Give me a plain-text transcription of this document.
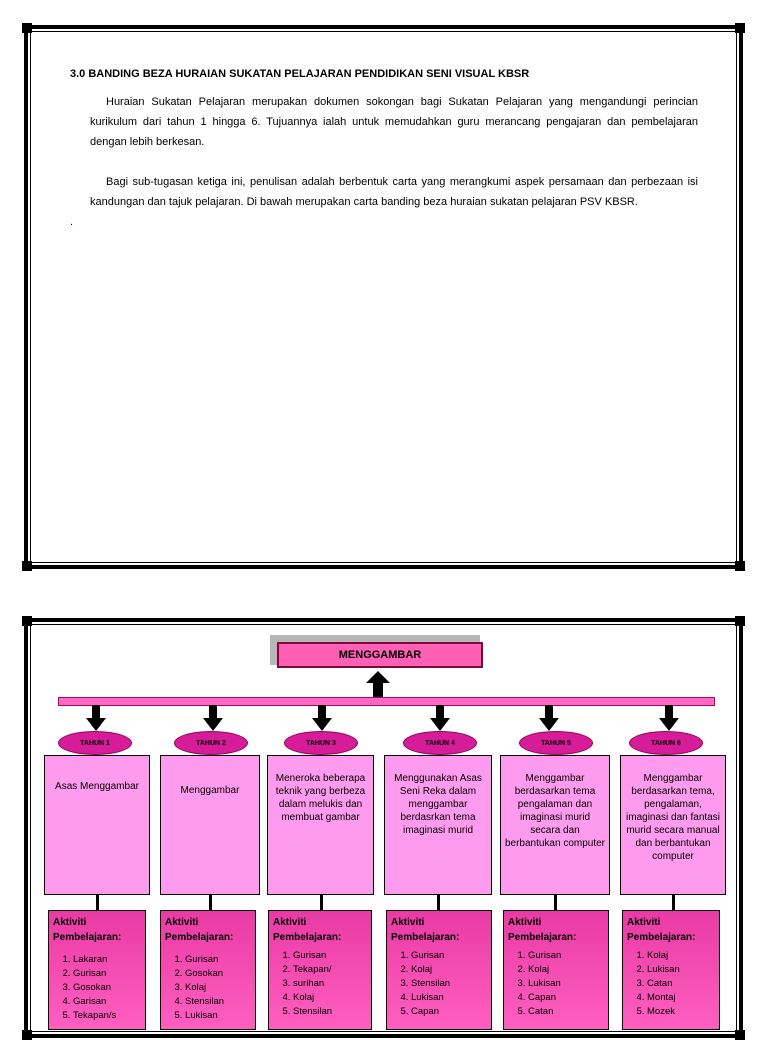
3.0 BANDING BEZA HURAIAN SUKATAN PELAJARAN PENDIDIKAN SENI VISUAL KBSR
Huraian Sukatan Pelajaran merupakan dokumen sokongan bagi Sukatan Pelajaran yang mengandungi perincian kurikulum dari tahun 1 hingga 6. Tujuannya ialah untuk memudahkan guru merancang pengajaran dan pembelajaran dengan lebih berkesan.
Bagi sub-tugasan ketiga ini, penulisan adalah berbentuk carta yang merangkumi aspek persamaan dan perbezaan isi kandungan dan tajuk pelajaran. Di bawah merupakan carta banding beza huraian sukatan pelajaran PSV KBSR.
.
MENGGAMBAR
TAHUN 1
Asas Menggambar
Aktiviti Pembelajaran:
1. Lakaran
2. Gurisan
3. Gosokan
4. Garisan
5. Tekapan/s
TAHUN 2
Menggambar
Aktiviti Pembelajaran:
1. Gurisan
2. Gosokan
3. Kolaj
4. Stensilan
5. Lukisan
TAHUN 3
Meneroka beberapa teknik yang berbeza dalam melukis dan membuat gambar
Aktiviti Pembelajaran:
1. Gurisan
2. Tekapan/
3. surihan
4. Kolaj
5. Stensilan
TAHUN 4
Menggunakan Asas Seni Reka dalam menggambar berdasrkan tema imaginasi murid
Aktiviti Pembelajaran:
1. Gurisan
2. Kolaj
3. Stensilan
4. Lukisan
5. Capan
TAHUN 5
Menggambar berdasarkan tema pengalaman dan imaginasi murid secara dan berbantukan computer
Aktiviti Pembelajaran:
1. Gurisan
2. Kolaj
3. Lukisan
4. Capan
5. Catan
TAHUN 6
Menggambar berdasarkan tema, pengalaman, imaginasi dan fantasi murid secara manual dan berbantukan computer
Aktiviti Pembelajaran:
1. Kolaj
2. Lukisan
3. Catan
4. Montaj
5. Mozek
